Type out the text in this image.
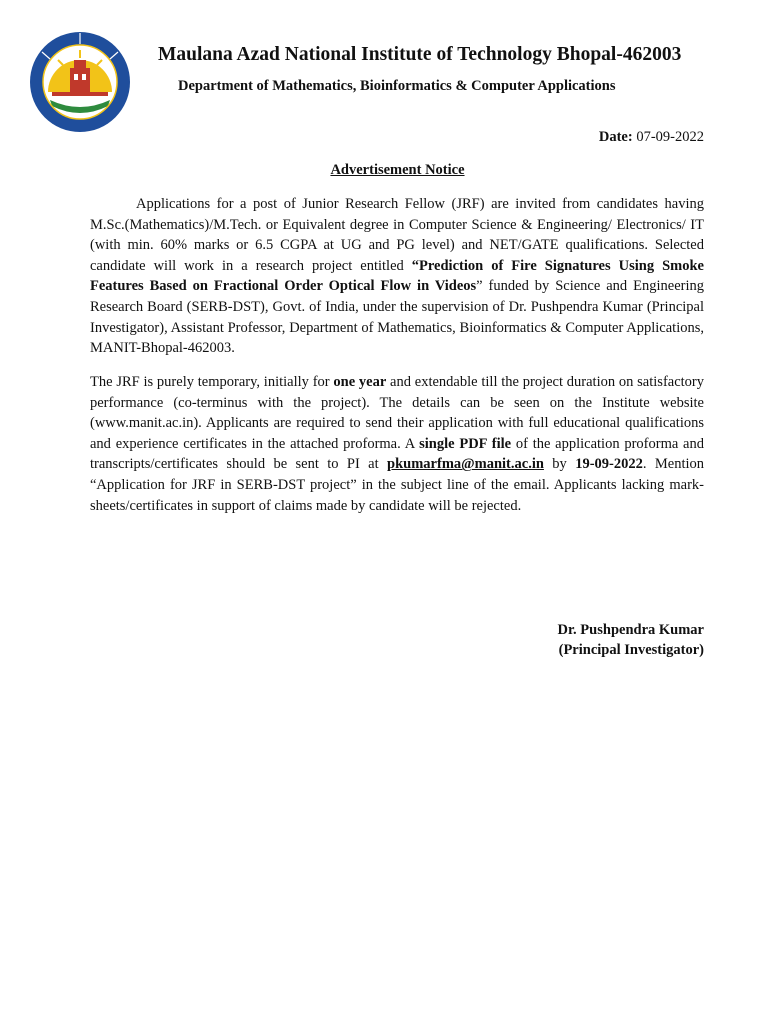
Maulana Azad National Institute of Technology Bhopal-462003
Department of Mathematics, Bioinformatics & Computer Applications
Date: 07-09-2022
Advertisement Notice

Applications for a post of Junior Research Fellow (JRF) are invited from candidates having M.Sc.(Mathematics)/M.Tech. or Equivalent degree in Computer Science & Engineering/ Electronics/ IT (with min. 60% marks or 6.5 CGPA at UG and PG level) and NET/GATE qualifications. Selected candidate will work in a research project entitled “Prediction of Fire Signatures Using Smoke Features Based on Fractional Order Optical Flow in Videos” funded by Science and Engineering Research Board (SERB-DST), Govt. of India, under the supervision of Dr. Pushpendra Kumar (Principal Investigator), Assistant Professor, Department of Mathematics, Bioinformatics & Computer Applications, MANIT-Bhopal-462003.

The JRF is purely temporary, initially for one year and extendable till the project duration on satisfactory performance (co-terminus with the project). The details can be seen on the Institute website (www.manit.ac.in). Applicants are required to send their application with full educational qualifications and experience certificates in the attached proforma. A single PDF file of the application proforma and transcripts/certificates should be sent to PI at pkumarfma@manit.ac.in by 19-09-2022. Mention “Application for JRF in SERB-DST project” in the subject line of the email. Applicants lacking mark-sheets/certificates in support of claims made by candidate will be rejected.

Dr. Pushpendra Kumar
(Principal Investigator)
